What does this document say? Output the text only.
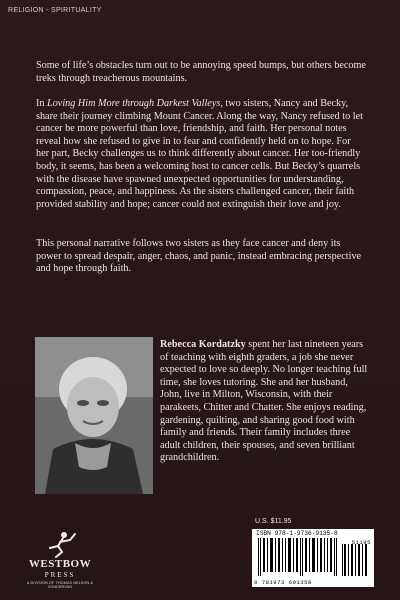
RELIGION - SPIRITUALITY

Some of life’s obstacles turn out to be annoying speed bumps, but others become treks through treacherous mountains.

In Loving Him More through Darkest Valleys, two sisters, Nancy and Becky, share their journey climbing Mount Cancer. Along the way, Nancy refused to let cancer be more powerful than love, friendship, and faith. Her personal notes reveal how she refused to give in to fear and confidently held on to hope. For her part, Becky challenges us to think differently about cancer. Her too-friendly body, it seems, has been a welcoming host to cancer cells. But Becky’s quarrels with the disease have spawned unexpected opportunities for understanding, compassion, peace, and happiness. As the sisters challenged cancer, their faith provided stability and hope; cancer could not extinguish their love and joy.

This personal narrative follows two sisters as they face cancer and deny its power to spread despair, anger, chaos, and panic, instead embracing perspective and hope through faith.

Rebecca Kordatzky spent her last nineteen years of teaching with eighth graders, a job she never expected to love so deeply. No longer teaching full time, she loves tutoring. She and her husband, John, live in Milton, Wisconsin, with their parakeets, Chitter and Chatter. She enjoys reading, gardening, quilting, and sharing good food with family and friends. Their family includes three adult children, their spouses, and seven brilliant grandchildren.

WESTBOW
PRESS
A DIVISION OF THOMAS NELSON & ZONDERVAN
U.S. $11.95
ISBN 978-1-9736-9135-8
51195
9 781973 691358
